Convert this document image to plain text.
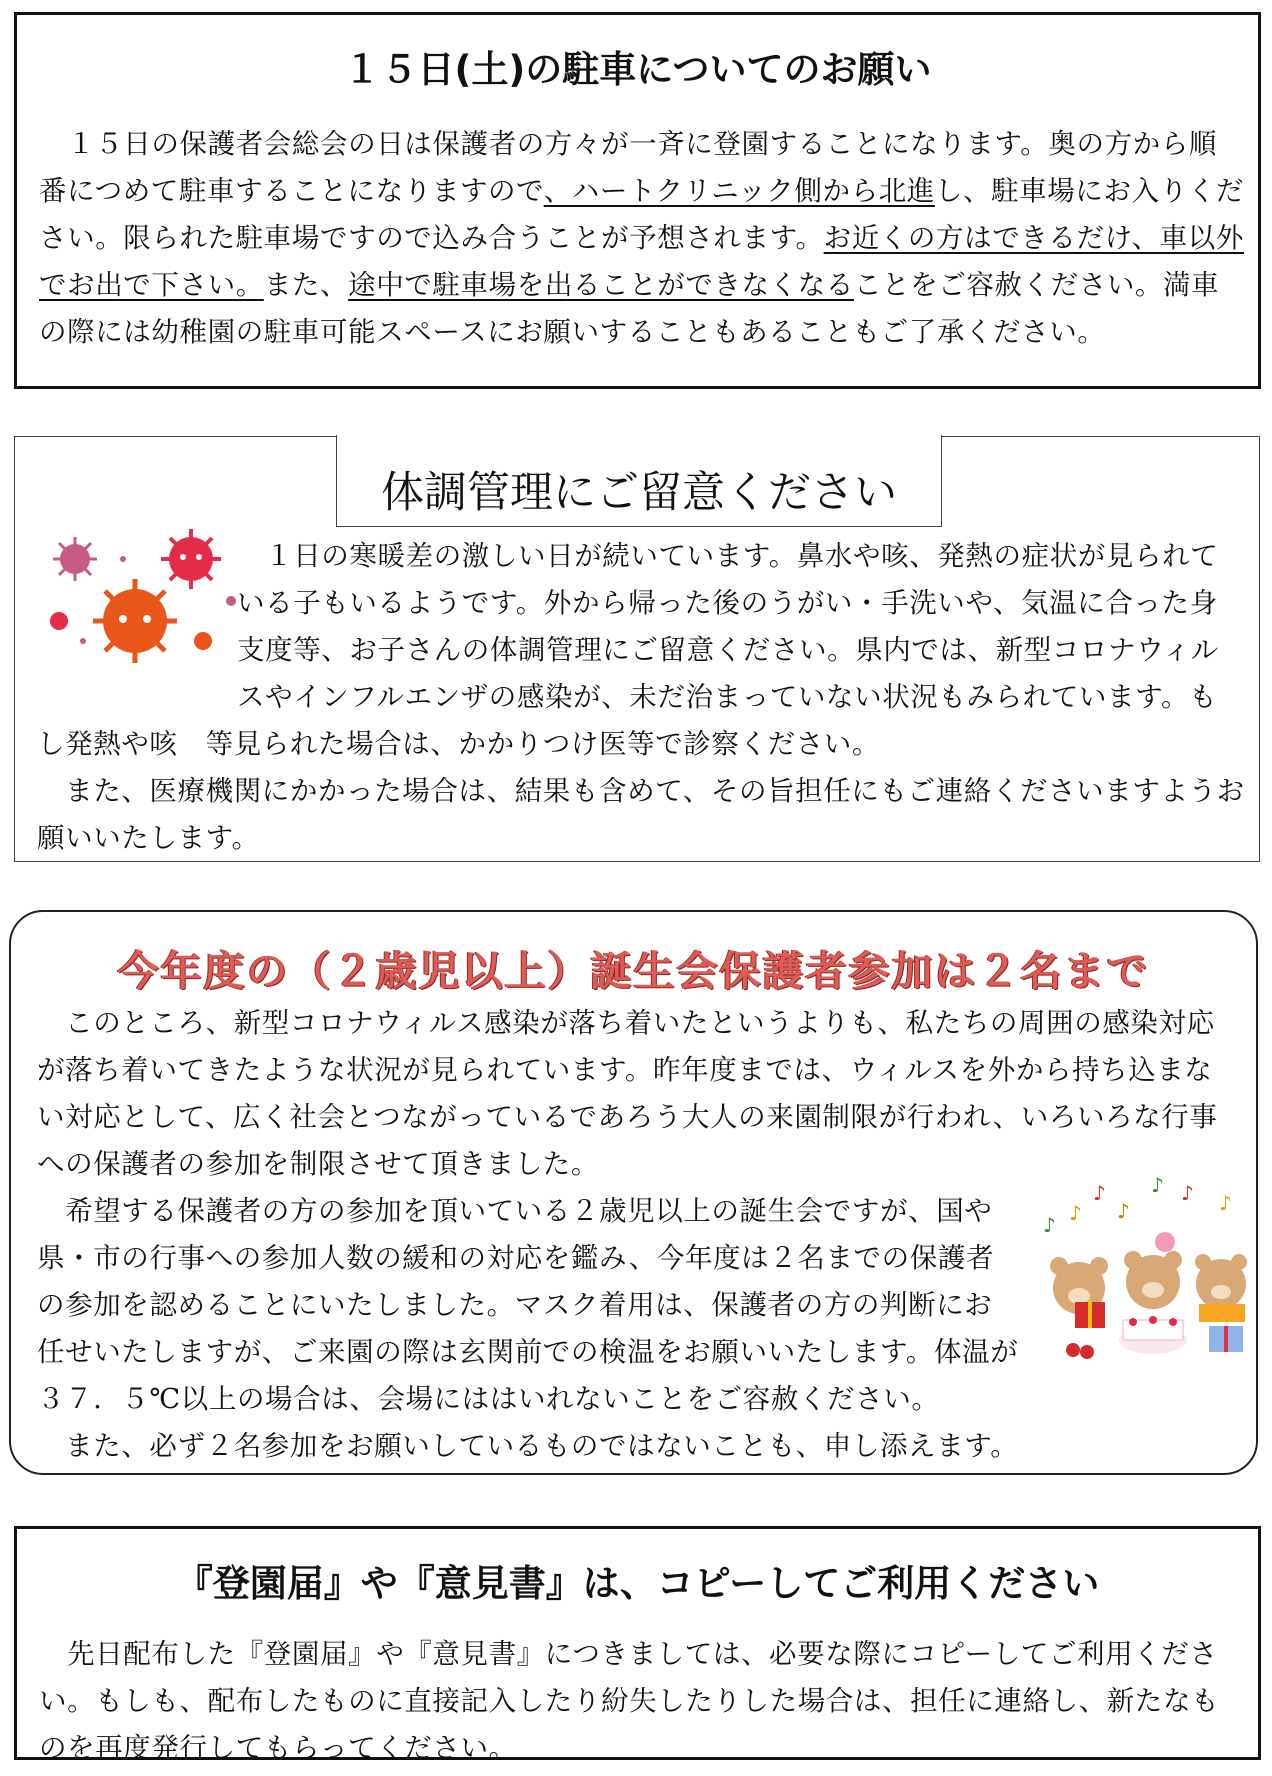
１５日(土)の駐車についてのお願い

　１５日の保護者会総会の日は保護者の方々が一斉に登園することになります。奥の方から順番につめて駐車することになりますので、ハートクリニック側から北進し、駐車場にお入りください。限られた駐車場ですので込み合うことが予想されます。お近くの方はできるだけ、車以外でお出で下さい。また、途中で駐車場を出ることができなくなることをご容赦ください。満車の際には幼稚園の駐車可能スペースにお願いすることもあることもご了承ください。

体調管理にご留意ください

　１日の寒暖差の激しい日が続いています。鼻水や咳、発熱の症状が見られている子もいるようです。外から帰った後のうがい・手洗いや、気温に合った身支度等、お子さんの体調管理にご留意ください。県内では、新型コロナウィルスやインフルエンザの感染が、未だ治まっていない状況もみられています。もし発熱や咳　等見られた場合は、かかりつけ医等で診察ください。
　また、医療機関にかかった場合は、結果も含めて、その旨担任にもご連絡くださいますようお願いいたします。

今年度の（２歳児以上）誕生会保護者参加は２名まで

　このところ、新型コロナウィルス感染が落ち着いたというよりも、私たちの周囲の感染対応が落ち着いてきたような状況が見られています。昨年度までは、ウィルスを外から持ち込まない対応として、広く社会とつながっているであろう大人の来園制限が行われ、いろいろな行事への保護者の参加を制限させて頂きました。

　希望する保護者の方の参加を頂いている２歳児以上の誕生会ですが、国や県・市の行事への参加人数の緩和の対応を鑑み、今年度は２名までの保護者の参加を認めることにいたしました。マスク着用は、保護者の方の判断にお任せいたしますが、ご来園の際は玄関前での検温をお願いいたします。体温が３７．５℃以上の場合は、会場にははいれないことをご容赦ください。
　また、必ず２名参加をお願いしているものではないことも、申し添えます。

♪ ♪ ♪ ♪
♪ ♪
♪
『登園届』や『意見書』は、コピーしてご利用ください

　先日配布した『登園届』や『意見書』につきましては、必要な際にコピーしてご利用ください。もしも、配布したものに直接記入したり紛失したりした場合は、担任に連絡し、新たなものを再度発行してもらってください。
